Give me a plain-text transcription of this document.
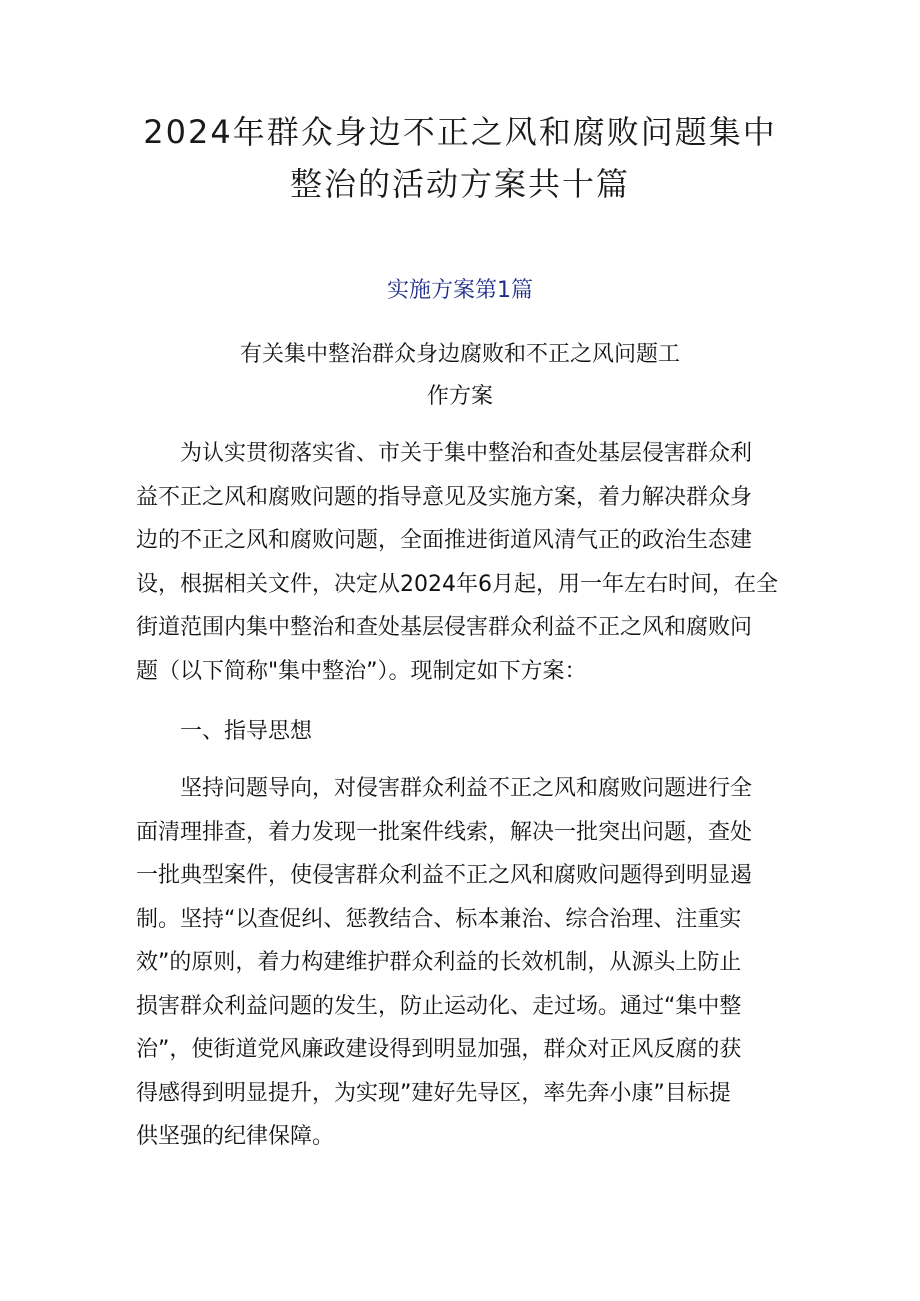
2024年群众身边不正之风和腐败问题集中
整治的活动方案共十篇
实施方案第1篇
有关集中整治群众身边腐败和不正之风问题工
作方案
为认实贯彻落实省、市关于集中整治和查处基层侵害群众利
益不正之风和腐败问题的指导意见及实施方案，着力解决群众身
边的不正之风和腐败问题，全面推进街道风清气正的政治生态建
设，根据相关文件，决定从2024年6月起，用一年左右时间，在全
街道范围内集中整治和查处基层侵害群众利益不正之风和腐败问
题（以下简称"集中整治”）。现制定如下方案：
一、指导思想
坚持问题导向，对侵害群众利益不正之风和腐败问题进行全
面清理排查，着力发现一批案件线索，解决一批突出问题，查处
一批典型案件，使侵害群众利益不正之风和腐败问题得到明显遏
制。坚持“以查促纠、惩教结合、标本兼治、综合治理、注重实
效”的原则，着力构建维护群众利益的长效机制，从源头上防止
损害群众利益问题的发生，防止运动化、走过场。通过“集中整
治”，使街道党风廉政建设得到明显加强，群众对正风反腐的获
得感得到明显提升，为实现”建好先导区，率先奔小康”目标提
供坚强的纪律保障。
